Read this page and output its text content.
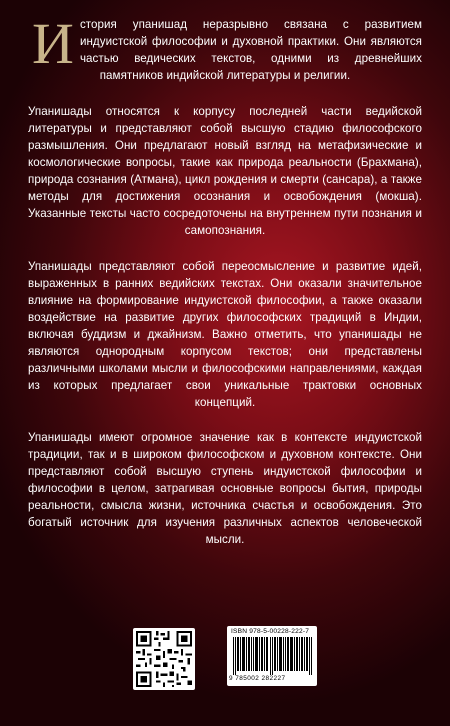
История упанишад неразрывно связана с развитием индуистской философии и духовной практики. Они являются частью ведических текстов, одними из древнейших памятников индийской литературы и религии.
Упанишады относятся к корпусу последней части ведийской литературы и представляют собой высшую стадию философского размышления. Они предлагают новый взгляд на метафизические и космологические вопросы, такие как природа реальности (Брахмана), природа сознания (Атмана), цикл рождения и смерти (сансара), а также методы для достижения осознания и освобождения (мокша). Указанные тексты часто сосредоточены на внутреннем пути познания и самопознания.
Упанишады представляют собой переосмысление и развитие идей, выраженных в ранних ведийских текстах. Они оказали значительное влияние на формирование индуистской философии, а также оказали воздействие на развитие других философских традиций в Индии, включая буддизм и джайнизм. Важно отметить, что упанишады не являются однородным корпусом текстов; они представлены различными школами мысли и философскими направлениями, каждая из которых предлагает свои уникальные трактовки основных концепций.
Упанишады имеют огромное значение как в контексте индуистской традиции, так и в широком философском и духовном контексте. Они представляют собой высшую ступень индуистской философии и философии в целом, затрагивая основные вопросы бытия, природы реальности, смысла жизни, источника счастья и освобождения. Это богатый источник для изучения различных аспектов человеческой мысли.
ISBN 978-5-00228-222-7
9 785002 282227
